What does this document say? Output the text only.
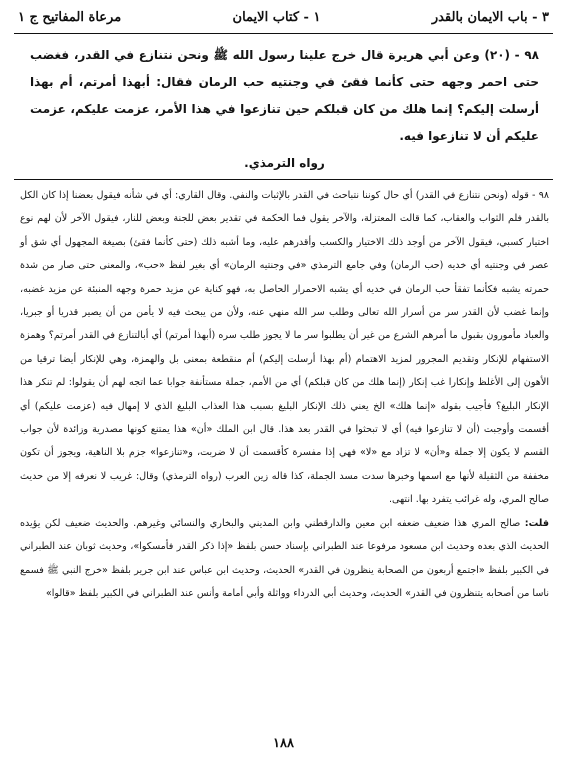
مرعاة المفاتيح ج ١	١ - كتاب الايمان	٣ - باب الايمان بالقدر

٩٨ - (٢٠) وعن أبي هريرة قال خرج علينا رسول الله ﷺ ونحن نتنازع في القدر، فغضب حتى احمر وجهه حتى كأنما فقئ في وجنتيه حب الرمان فقال: أبهذا أمرتم، أم بهذا أرسلت إليكم؟ إنما هلك من كان قبلكم حين تنازعوا في هذا الأمر، عزمت عليكم، عزمت عليكم أن لا تنازعوا فيه.

رواه الترمذي.

٩٨ - قوله (ونحن نتنازع في القدر) أي حال كوننا نتباحث في القدر بالإثبات والنفي. وقال القاري: أي في شأنه فيقول بعضنا إذا كان الكل بالقدر فلم الثواب والعقاب، كما قالت المعتزلة، والآخر يقول فما الحكمة في تقدير بعض للجنة وبعض للنار، فيقول الآخر لأن لهم نوع اختيار كسبي، فيقول الآخر من أوجد ذلك الاختيار والكسب وأقدرهم عليه، وما أشبه ذلك (حتى كأنما فقئ) بصيغة المجهول أي شق أو عصر في وجنتيه أي خديه (حب الرمان) وفي جامع الترمذي «في وجنتيه الرمان» أي بغير لفظ «حب»، والمعنى حتى صار من شدة حمرته يشبه فكأنما تفقأ حب الرمان في خديه أي يشبه الاحمرار الحاصل به، فهو كناية عن مزيد حمرة وجهه المنبئة عن مزيد غضبه، وإنما غضب لأن القدر سر من أسرار الله تعالى وطلب سر الله منهي عنه، ولأن من يبحث فيه لا يأمن من أن يصير قدريا أو جبريا، والعباد مأمورون بقبول ما أمرهم الشرع من غير أن يطلبوا سر ما لا يجوز طلب سره (أبهذا أمرتم) أي أبالتنازع في القدر أمرتم؟ وهمزة الاستفهام للإنكار وتقديم المجرور لمزيد الاهتمام (أم بهذا أرسلت إليكم) أم منقطعة بمعنى بل والهمزة، وهي للإنكار أيضا ترقيا من الأهون إلى الأغلظ وإنكارا غب إنكار (إنما هلك من كان قبلكم) أي من الأمم، جملة مستأنفة جوابا عما اتجه لهم أن يقولوا: لم تنكر هذا الإنكار البليغ؟ فأجيب بقوله «إنما هلك» الخ يعني ذلك الإنكار البليغ بسبب هذا العذاب البليغ الذي لا إمهال فيه (عزمت عليكم) أي أقسمت وأوجبت (أن لا تنازعوا فيه) أي لا تبحثوا في القدر بعد هذا. قال ابن الملك «أن» هذا يمتنع كونها مصدرية وزائدة لأن جواب القسم لا يكون إلا جملة و«أن» لا تزاد مع «لا» فهي إذا مفسرة كأقسمت أن لا ضربت، و«تنازعوا» جزم بلا الناهية، ويجوز أن تكون مخففة من الثقيلة لأنها مع اسمها وخبرها سدت مسد الجملة، كذا قاله زين العرب (رواه الترمذي) وقال: غريب لا نعرفه إلا من حديث صالح المري، وله غرائب يتفرد بها. انتهى.

قلت: صالح المري هذا ضعيف ضعفه ابن معين والدارقطني وابن المديني والبخاري والنسائي وغيرهم. والحديث ضعيف لكن يؤيده الحديث الذي بعده وحديث ابن مسعود مرفوعا عند الطبراني بإسناد حسن بلفظ «إذا ذكر القدر فأمسكوا»، وحديث ثوبان عند الطبراني في الكبير بلفظ «اجتمع أربعون من الصحابة ينظرون في القدر» الحديث، وحديث ابن عباس عند ابن جرير بلفظ «خرج النبي ﷺ فسمع ناسا من أصحابه يتنظرون في القدر» الحديث، وحديث أبي الدرداء وواثلة وأبي أمامة وأنس عند الطبراني في الكبير بلفظ «قالوا»

١٨٨
